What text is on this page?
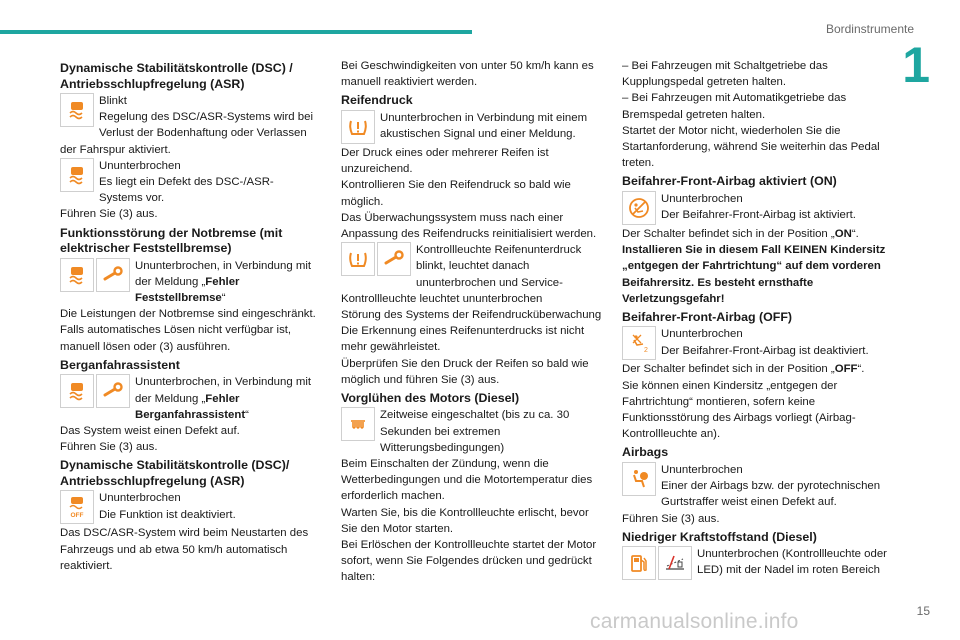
Bordinstrumente
1
15
carmanualsonline.info
Dynamische Stabilitätskontrolle (DSC) / Antriebsschlupfregelung (ASR)

Blinkt

Regelung des DSC/ASR-Systems wird bei Verlust der Bodenhaftung oder Verlassen der Fahrspur aktiviert.

Ununterbrochen

Es liegt ein Defekt des DSC-/ASR-Systems vor.

Führen Sie (3) aus.

Funktionsstörung der Notbremse (mit elektrischer Feststellbremse)

Ununterbrochen, in Verbindung mit der Meldung „Fehler Feststellbremse“

Die Leistungen der Notbremse sind eingeschränkt. Falls automatisches Lösen nicht verfügbar ist, manuell lösen oder (3) ausführen.

Berganfahrassistent

Ununterbrochen, in Verbindung mit der Meldung „Fehler Berganfahrassistent“

Das System weist einen Defekt auf.

Führen Sie (3) aus.

Dynamische Stabilitätskontrolle (DSC)/ Antriebsschlupfregelung (ASR)
OFF

Ununterbrochen

Die Funktion ist deaktiviert.

Das DSC/ASR-System wird beim Neustarten des Fahrzeugs und ab etwa 50 km/h automatisch reaktiviert.

Bei Geschwindigkeiten von unter 50 km/h kann es manuell reaktiviert werden.

Reifendruck

Ununterbrochen in Verbindung mit einem akustischen Signal und einer Meldung.

Der Druck eines oder mehrerer Reifen ist unzureichend.

Kontrollieren Sie den Reifendruck so bald wie möglich.

Das Überwachungssystem muss nach einer Anpassung des Reifendrucks reinitialisiert werden.

Kontrollleuchte Reifenunterdruck blinkt, leuchtet danach ununterbrochen und Service-Kontrollleuchte leuchtet ununterbrochen

Störung des Systems der Reifendrucküberwachung

Die Erkennung eines Reifenunterdrucks ist nicht mehr gewährleistet.

Überprüfen Sie den Druck der Reifen so bald wie möglich und führen Sie (3) aus.

Vorglühen des Motors (Diesel)

Zeitweise eingeschaltet (bis zu ca. 30 Sekunden bei extremen Witterungsbedingungen)

Beim Einschalten der Zündung, wenn die Wetterbedingungen und die Motortemperatur dies erforderlich machen.

Warten Sie, bis die Kontrollleuchte erlischt, bevor Sie den Motor starten.

Bei Erlöschen der Kontrollleuchte startet der Motor sofort, wenn Sie Folgendes drücken und gedrückt halten:

– Bei Fahrzeugen mit Schaltgetriebe das Kupplungspedal getreten halten.

– Bei Fahrzeugen mit Automatikgetriebe das Bremspedal getreten halten.

Startet der Motor nicht, wiederholen Sie die Startanforderung, während Sie weiterhin das Pedal treten.

Beifahrer-Front-Airbag aktiviert (ON)

Ununterbrochen

Der Beifahrer-Front-Airbag ist aktiviert.

Der Schalter befindet sich in der Position „ON“.

Installieren Sie in diesem Fall KEINEN Kindersitz „entgegen der Fahrtrichtung“ auf dem vorderen Beifahrersitz. Es besteht ernsthafte Verletzungsgefahr!

Beifahrer-Front-Airbag (OFF)
2

Ununterbrochen

Der Beifahrer-Front-Airbag ist deaktiviert.

Der Schalter befindet sich in der Position „OFF“.

Sie können einen Kindersitz „entgegen der Fahrtrichtung“ montieren, sofern keine Funktionsstörung des Airbags vorliegt (Airbag-Kontrollleuchte an).

Airbags

Ununterbrochen

Einer der Airbags bzw. der pyrotechnischen Gurtstraffer weist einen Defekt auf.

Führen Sie (3) aus.

Niedriger Kraftstoffstand (Diesel)

Ununterbrochen (Kontrollleuchte oder LED) mit der Nadel im roten Bereich
